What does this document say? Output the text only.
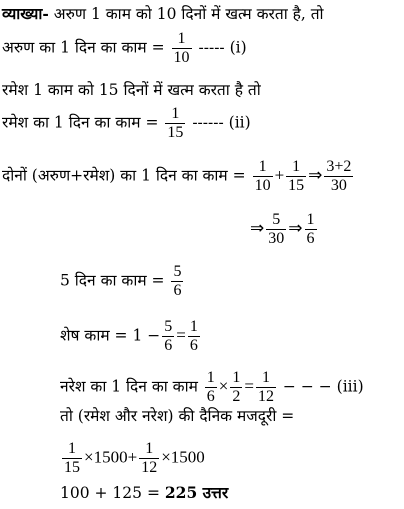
व्याख्या- अरुण 1 काम को 10 दिनों में खत्म करता है, तो
अरुण का 1 दिन का काम = $\frac{1}{10}$ ----- (i)
रमेश 1 काम को 15 दिनों में खत्म करता है तो
रमेश का 1 दिन का काम = $\frac{1}{15}$ ------ (ii)
दोनों (अरुण+रमेश) का 1 दिन का काम = $\frac{1}{10} + \frac{1}{15}$ ⇒ $\frac{3+2}{30}$
⇒ $\frac{5}{30}$ ⇒ $\frac{1}{6}$
5 दिन का काम = $\frac{5}{6}$
शेष काम = $1 - \frac{5}{6} = \frac{1}{6}$
नरेश का 1 दिन का काम $\frac{1}{6} \times \frac{1}{2} = \frac{1}{12}$ − − − (iii)
तो (रमेश और नरेश) की दैनिक मजदूरी =
$\frac{1}{15} \times 1500+ \frac{1}{12} \times 1500$
100 + 125 = 225 उत्तर
